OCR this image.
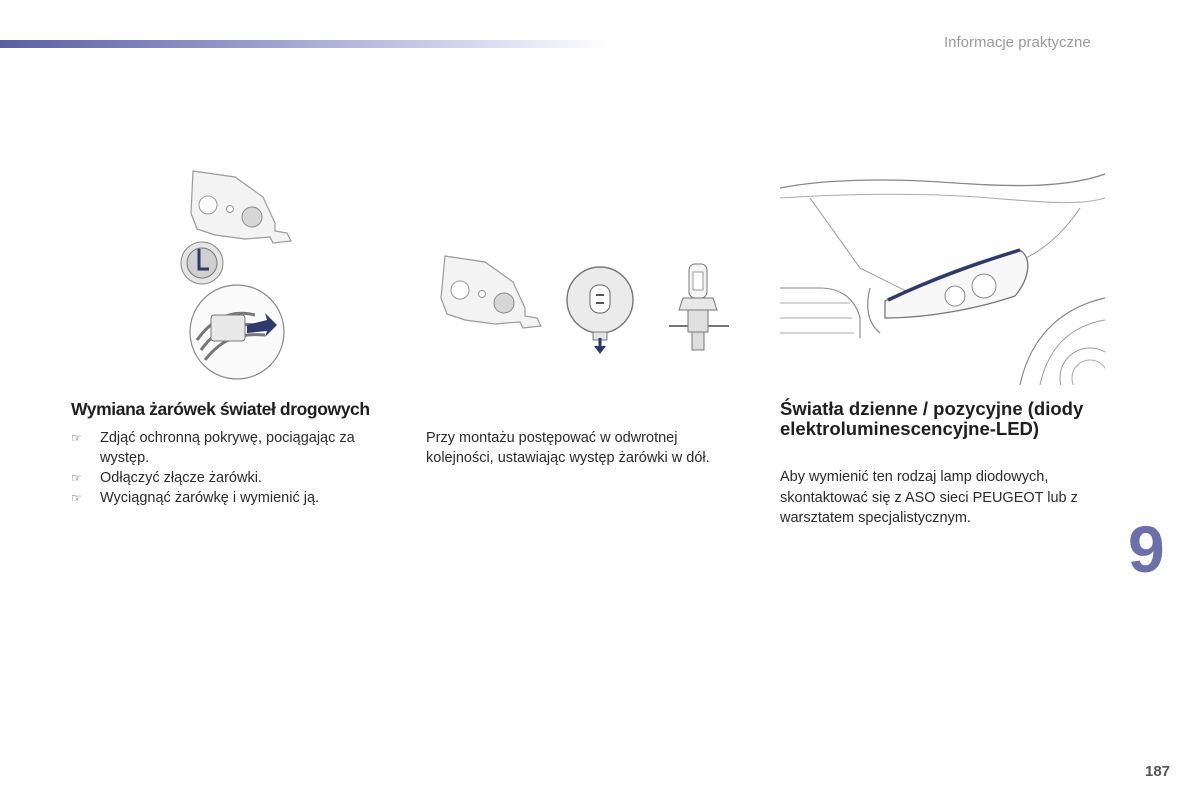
Informacje praktyczne
Wymiana żarówek świateł drogowych
☞ Zdjąć ochronną pokrywę, pociągając za występ.
☞ Odłączyć złącze żarówki.
☞ Wyciągnąć żarówkę i wymienić ją.
Przy montażu postępować w odwrotnej kolejności, ustawiając występ żarówki w dół.
Światła dzienne / pozycyjne (diody elektroluminescencyjne-LED)
Aby wymienić ten rodzaj lamp diodowych, skontaktować się z ASO sieci PEUGEOT lub z warsztatem specjalistycznym.	9
187
